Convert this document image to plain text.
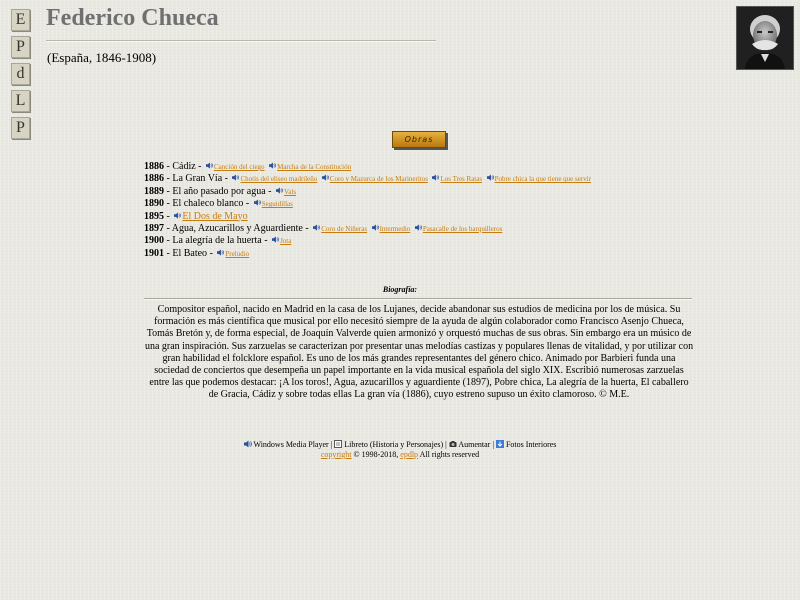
E
P
d
L
P
Federico Chueca
(España, 1846-1908)
Obras
1886 - Cádiz - Canción del ciego Marcha de la Constitución
1886 - La Gran Vía - Chotis del eliseo madrileño Coro y Mazurca de los Marineritos Los Tres Ratas Pobre chica la que tiene que servir
1889 - El año pasado por agua - Vals
1890 - El chaleco blanco - Seguidillas
1895 - El Dos de Mayo
1897 - Agua, Azucarillos y Aguardiente - Coro de Niñeras Intermedio Pasacalle de los barquilleros
1900 - La alegría de la huerta - Jota
1901 - El Bateo - Preludio
Biografía:

Compositor español, nacido en Madrid en la casa de los Lujanes, decide abandonar sus estudios de medicina por los de música. Su formación es más científica que musical por ello necesitó siempre de la ayuda de algún colaborador como Francisco Asenjo Chueca, Tomás Bretón y, de forma especial, de Joaquín Valverde quien armonizó y orquestó muchas de sus obras. Sin embargo era un músico de una gran inspiración. Sus zarzuelas se caracterizan por presentar unas melodías castizas y populares llenas de vitalidad, y por utilizar con gran habilidad el folcklore español. Es uno de los más grandes representantes del género chico. Animado por Barbieri funda una sociedad de conciertos que desempeña un papel importante en la vida musical española del siglo XIX. Escribió numerosas zarzuelas entre las que podemos destacar: ¡A los toros!, Agua, azucarillos y aguardiente (1897), Pobre chica, La alegría de la huerta, El caballero de Gracia, Cádiz y sobre todas ellas La gran vía (1886), cuyo estreno supuso un éxito clamoroso. © M.E.

Windows Media Player |  Libreto (Historia y Personajes) |  Aumentar |  Fotos Interiores
copyright © 1998-2018, epdlp All rights reserved
